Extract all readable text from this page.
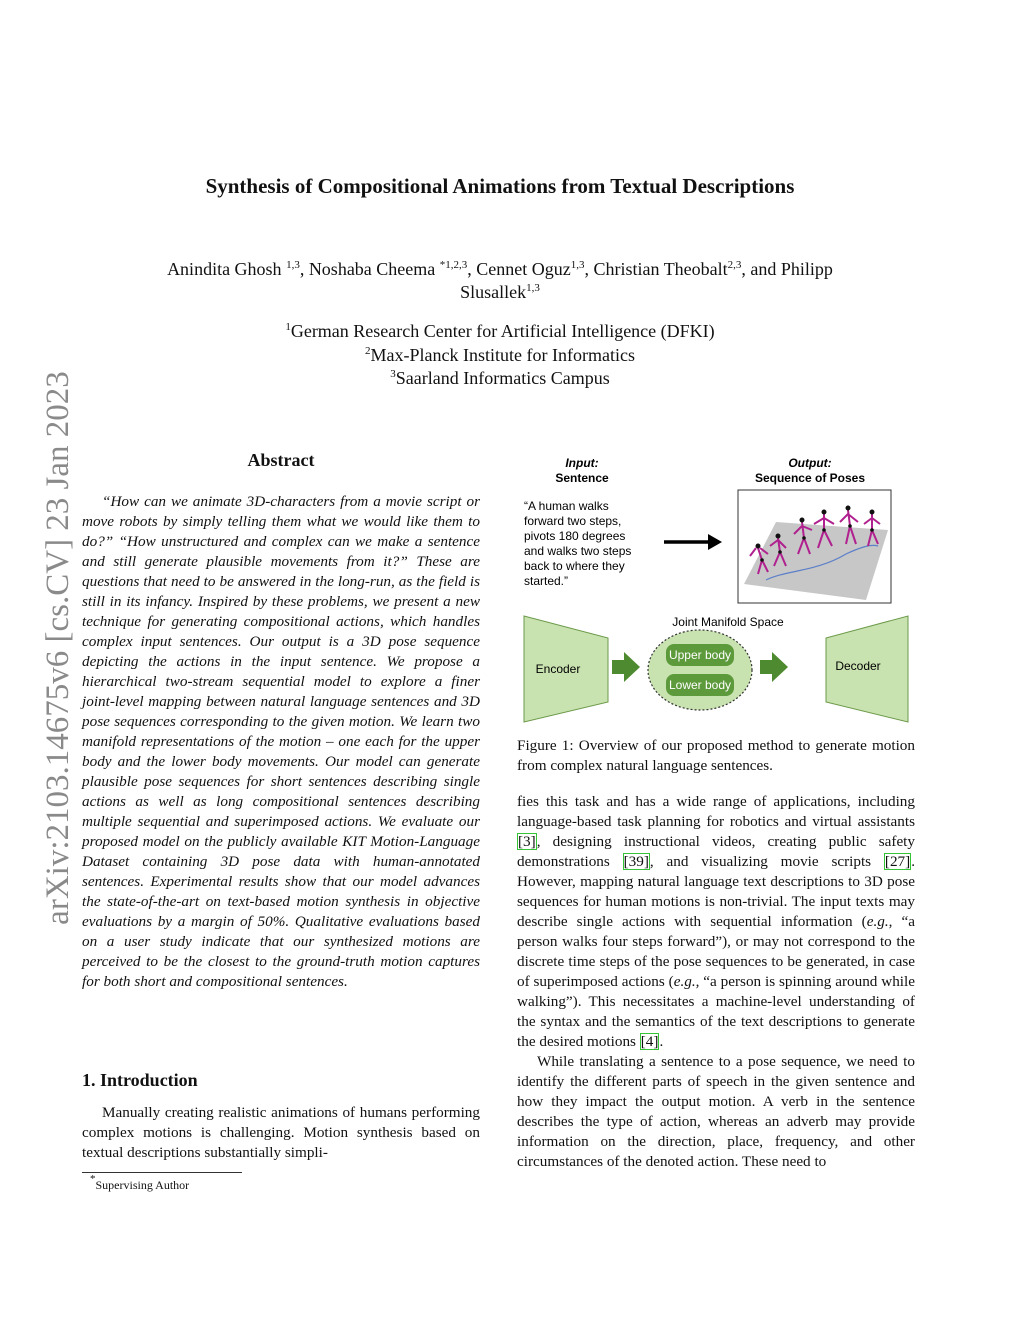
Synthesis of Compositional Animations from Textual Descriptions
Anindita Ghosh $^{1,3}$, Noshaba Cheema $^{*1,2,3}$, Cennet Oguz$^{1,3}$, Christian Theobalt$^{2,3}$, and Philipp
Slusallek$^{1,3}$
$^1$German Research Center for Artificial Intelligence (DFKI)
$^2$Max-Planck Institute for Informatics
$^3$Saarland Informatics Campus
arXiv:2103.14675v6 [cs.CV] 23 Jan 2023	Abstract
“How can we animate 3D-characters from a movie script or move robots by simply telling them what we would like them to do?” “How unstructured and complex can we make a sentence and still generate plausible movements from it?” These are questions that need to be answered in the long-run, as the field is still in its infancy. Inspired by these problems, we present a new technique for generating compositional actions, which handles complex input sentences. Our output is a 3D pose sequence depicting the actions in the input sentence. We propose a hierarchical two-stream sequential model to explore a finer joint-level mapping between natural language sentences and 3D pose sequences corresponding to the given motion. We learn two manifold representations of the motion – one each for the upper body and the lower body movements. Our model can generate plausible pose sequences for short sentences describing single actions as well as long compositional sentences describing multiple sequential and superimposed actions. We evaluate our proposed model on the publicly available KIT Motion-Language Dataset containing 3D pose data with human-annotated sentences. Experimental results show that our model advances the state-of-the-art on text-based motion synthesis in objective evaluations by a margin of 50%. Qualitative evaluations based on a user study indicate that our synthesized motions are perceived to be the closest to the ground-truth motion captures for both short and compositional sentences.
1. Introduction
Manually creating realistic animations of humans performing complex motions is challenging. Motion synthesis based on textual descriptions substantially simpli-
*Supervising Author
Input:
Sentence
Output:
Sequence of Poses
“A human walks
forward two steps,
pivots 180 degrees
and walks two steps
back to where they
started.”
Joint Manifold Space
Encoder
Upper body
Lower body
Decoder
Figure 1: Overview of our proposed method to generate motion from complex natural language sentences.

fies this task and has a wide range of applications, including language-based task planning for robotics and virtual assistants [3], designing instructional videos, creating public safety demonstrations [39], and visualizing movie scripts [27]. However, mapping natural language text descriptions to 3D pose sequences for human motions is non-trivial. The input texts may describe single actions with sequential information (e.g., “a person walks four steps forward”), or may not correspond to the discrete time steps of the pose sequences to be generated, in case of superimposed actions (e.g., “a person is spinning around while walking”). This necessitates a machine-level understanding of the syntax and the semantics of the text descriptions to generate the desired motions [4].

While translating a sentence to a pose sequence, we need to identify the different parts of speech in the given sentence and how they impact the output motion. A verb in the sentence describes the type of action, whereas an adverb may provide information on the direction, place, frequency, and other circumstances of the denoted action. These need to
